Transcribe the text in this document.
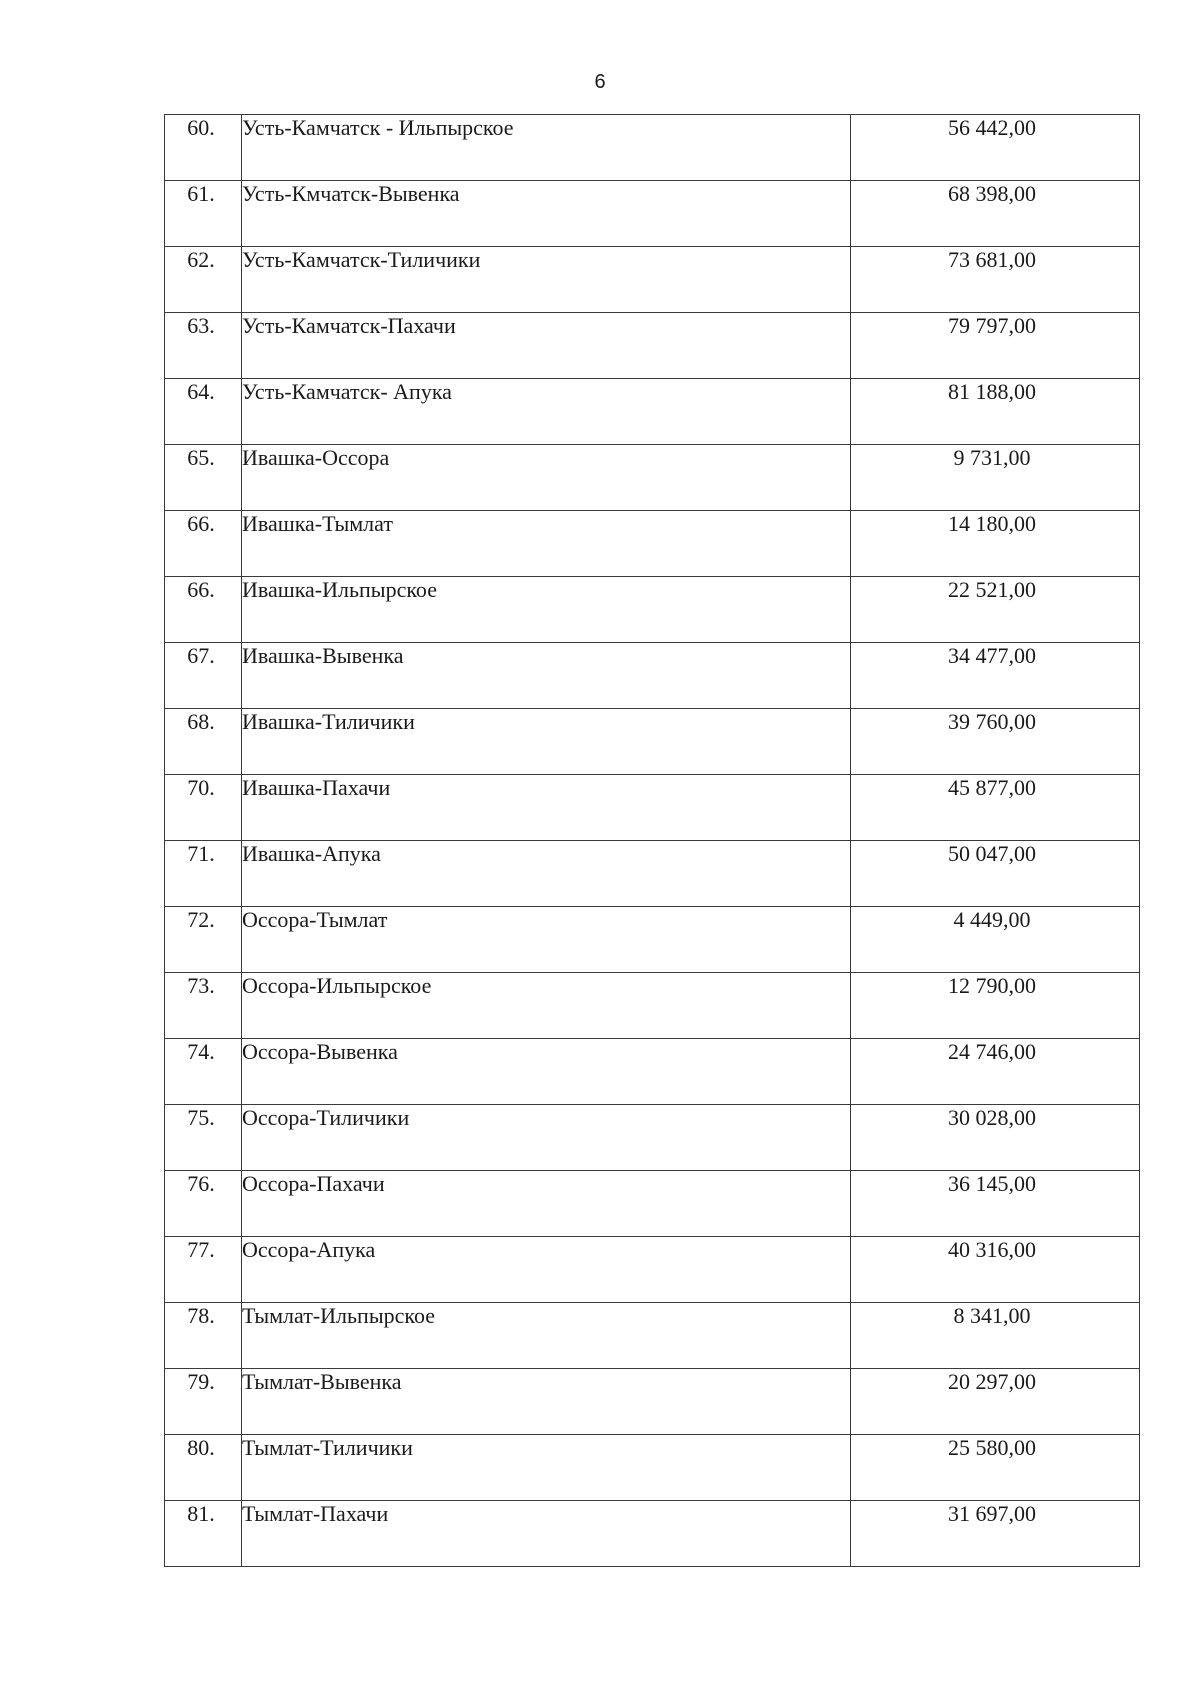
6
60.	Усть-Камчатск - Ильпырское	56 442,00
61.	Усть-Кмчатск-Вывенка	68 398,00
62.	Усть-Камчатск-Тиличики	73 681,00
63.	Усть-Камчатск-Пахачи	79 797,00
64.	Усть-Камчатск- Апука	81 188,00
65.	Ивашка-Оссора	9 731,00
66.	Ивашка-Тымлат	14 180,00
66.	Ивашка-Ильпырское	22 521,00
67.	Ивашка-Вывенка	34 477,00
68.	Ивашка-Тиличики	39 760,00
70.	Ивашка-Пахачи	45 877,00
71.	Ивашка-Апука	50 047,00
72.	Оссора-Тымлат	4 449,00
73.	Оссора-Ильпырское	12 790,00
74.	Оссора-Вывенка	24 746,00
75.	Оссора-Тиличики	30 028,00
76.	Оссора-Пахачи	36 145,00
77.	Оссора-Апука	40 316,00
78.	Тымлат-Ильпырское	8 341,00
79.	Тымлат-Вывенка	20 297,00
80.	Тымлат-Тиличики	25 580,00
81.	Тымлат-Пахачи	31 697,00
